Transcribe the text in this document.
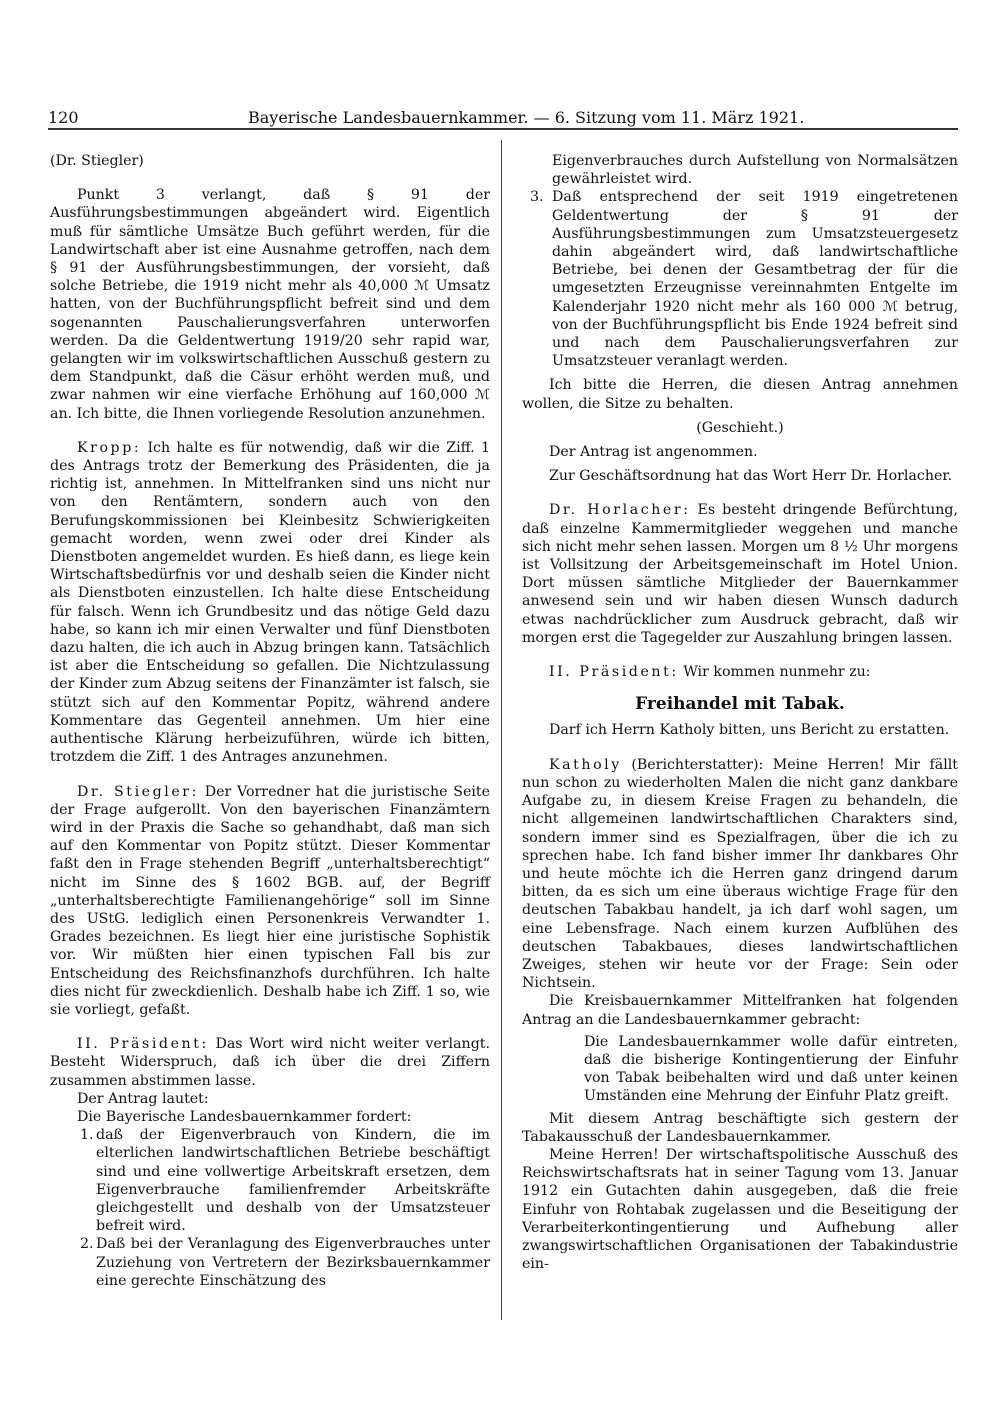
120	Bayerische Landesbauernkammer. — 6. Sitzung vom 11. März 1921.

(Dr. Stiegler)

Punkt 3 verlangt, daß § 91 der Ausführungsbestimmungen abgeändert wird. Eigentlich muß für sämtliche Umsätze Buch geführt werden, für die Landwirtschaft aber ist eine Ausnahme getroffen, nach dem § 91 der Ausführungsbestimmungen, der vorsieht, daß solche Betriebe, die 1919 nicht mehr als 40,000 ℳ Umsatz hatten, von der Buchführungspflicht befreit sind und dem sogenannten Pauschalierungsverfahren unterworfen werden. Da die Geldentwertung 1919/20 sehr rapid war, gelangten wir im volkswirtschaftlichen Ausschuß gestern zu dem Standpunkt, daß die Cäsur erhöht werden muß, und zwar nahmen wir eine vierfache Erhöhung auf 160,000 ℳ an. Ich bitte, die Ihnen vorliegende Resolution anzunehmen.

Kropp: Ich halte es für notwendig, daß wir die Ziff. 1 des Antrags trotz der Bemerkung des Präsidenten, die ja richtig ist, annehmen. In Mittelfranken sind uns nicht nur von den Rentämtern, sondern auch von den Berufungskommissionen bei Kleinbesitz Schwierigkeiten gemacht worden, wenn zwei oder drei Kinder als Dienstboten angemeldet wurden. Es hieß dann, es liege kein Wirtschaftsbedürfnis vor und deshalb seien die Kinder nicht als Dienstboten einzustellen. Ich halte diese Entscheidung für falsch. Wenn ich Grundbesitz und das nötige Geld dazu habe, so kann ich mir einen Verwalter und fünf Dienstboten dazu halten, die ich auch in Abzug bringen kann. Tatsächlich ist aber die Entscheidung so gefallen. Die Nichtzulassung der Kinder zum Abzug seitens der Finanzämter ist falsch, sie stützt sich auf den Kommentar Popitz, während andere Kommentare das Gegenteil annehmen. Um hier eine authentische Klärung herbeizuführen, würde ich bitten, trotzdem die Ziff. 1 des Antrages anzunehmen.

Dr. Stiegler: Der Vorredner hat die juristische Seite der Frage aufgerollt. Von den bayerischen Finanzämtern wird in der Praxis die Sache so gehandhabt, daß man sich auf den Kommentar von Popitz stützt. Dieser Kommentar faßt den in Frage stehenden Begriff „unterhaltsberechtigt“ nicht im Sinne des § 1602 BGB. auf, der Begriff „unterhaltsberechtigte Familienangehörige“ soll im Sinne des UStG. lediglich einen Personenkreis Verwandter 1. Grades bezeichnen. Es liegt hier eine juristische Sophistik vor. Wir müßten hier einen typischen Fall bis zur Entscheidung des Reichsfinanzhofs durchführen. Ich halte dies nicht für zweckdienlich. Deshalb habe ich Ziff. 1 so, wie sie vorliegt, gefaßt.

II. Präsident: Das Wort wird nicht weiter verlangt. Besteht Widerspruch, daß ich über die drei Ziffern zusammen abstimmen lasse.

Der Antrag lautet:

Die Bayerische Landesbauernkammer fordert:

1. daß der Eigenverbrauch von Kindern, die im elterlichen landwirtschaftlichen Betriebe beschäftigt sind und eine vollwertige Arbeitskraft ersetzen, dem Eigenverbrauche familienfremder Arbeitskräfte gleichgestellt und deshalb von der Umsatzsteuer befreit wird.
2. Daß bei der Veranlagung des Eigenverbrauches unter Zuziehung von Vertretern der Bezirksbauernkammer eine gerechte Einschätzung des
Eigenverbrauches durch Aufstellung von Normalsätzen gewährleistet wird.
3. Daß entsprechend der seit 1919 eingetretenen Geldentwertung der § 91 der Ausführungsbestimmungen zum Umsatzsteuergesetz dahin abgeändert wird, daß landwirtschaftliche Betriebe, bei denen der Gesamtbetrag der für die umgesetzten Erzeugnisse vereinnahmten Entgelte im Kalenderjahr 1920 nicht mehr als 160 000 ℳ betrug, von der Buchführungspflicht bis Ende 1924 befreit sind und nach dem Pauschalierungsverfahren zur Umsatzsteuer veranlagt werden.

Ich bitte die Herren, die diesen Antrag annehmen wollen, die Sitze zu behalten.

(Geschieht.)

Der Antrag ist angenommen.

Zur Geschäftsordnung hat das Wort Herr Dr. Horlacher.

Dr. Horlacher: Es besteht dringende Befürchtung, daß einzelne Kammermitglieder weggehen und manche sich nicht mehr sehen lassen. Morgen um 8 ½ Uhr morgens ist Vollsitzung der Arbeitsgemeinschaft im Hotel Union. Dort müssen sämtliche Mitglieder der Bauernkammer anwesend sein und wir haben diesen Wunsch dadurch etwas nachdrücklicher zum Ausdruck gebracht, daß wir morgen erst die Tagegelder zur Auszahlung bringen lassen.

II. Präsident: Wir kommen nunmehr zu:

Freihandel mit Tabak.

Darf ich Herrn Katholy bitten, uns Bericht zu erstatten.

Katholy (Berichterstatter): Meine Herren! Mir fällt nun schon zu wiederholten Malen die nicht ganz dankbare Aufgabe zu, in diesem Kreise Fragen zu behandeln, die nicht allgemeinen landwirtschaftlichen Charakters sind, sondern immer sind es Spezialfragen, über die ich zu sprechen habe. Ich fand bisher immer Ihr dankbares Ohr und heute möchte ich die Herren ganz dringend darum bitten, da es sich um eine überaus wichtige Frage für den deutschen Tabakbau handelt, ja ich darf wohl sagen, um eine Lebensfrage. Nach einem kurzen Aufblühen des deutschen Tabakbaues, dieses landwirtschaftlichen Zweiges, stehen wir heute vor der Frage: Sein oder Nichtsein.

Die Kreisbauernkammer Mittelfranken hat folgenden Antrag an die Landesbauernkammer gebracht:

Die Landesbauernkammer wolle dafür eintreten, daß die bisherige Kontingentierung der Einfuhr von Tabak beibehalten wird und daß unter keinen Umständen eine Mehrung der Einfuhr Platz greift.

Mit diesem Antrag beschäftigte sich gestern der Tabakausschuß der Landesbauernkammer.

Meine Herren! Der wirtschaftspolitische Ausschuß des Reichswirtschaftsrats hat in seiner Tagung vom 13. Januar 1912 ein Gutachten dahin ausgegeben, daß die freie Einfuhr von Rohtabak zugelassen und die Beseitigung der Verarbeiterkontingentierung und Aufhebung aller zwangswirtschaftlichen Organisationen der Tabakindustrie ein-
